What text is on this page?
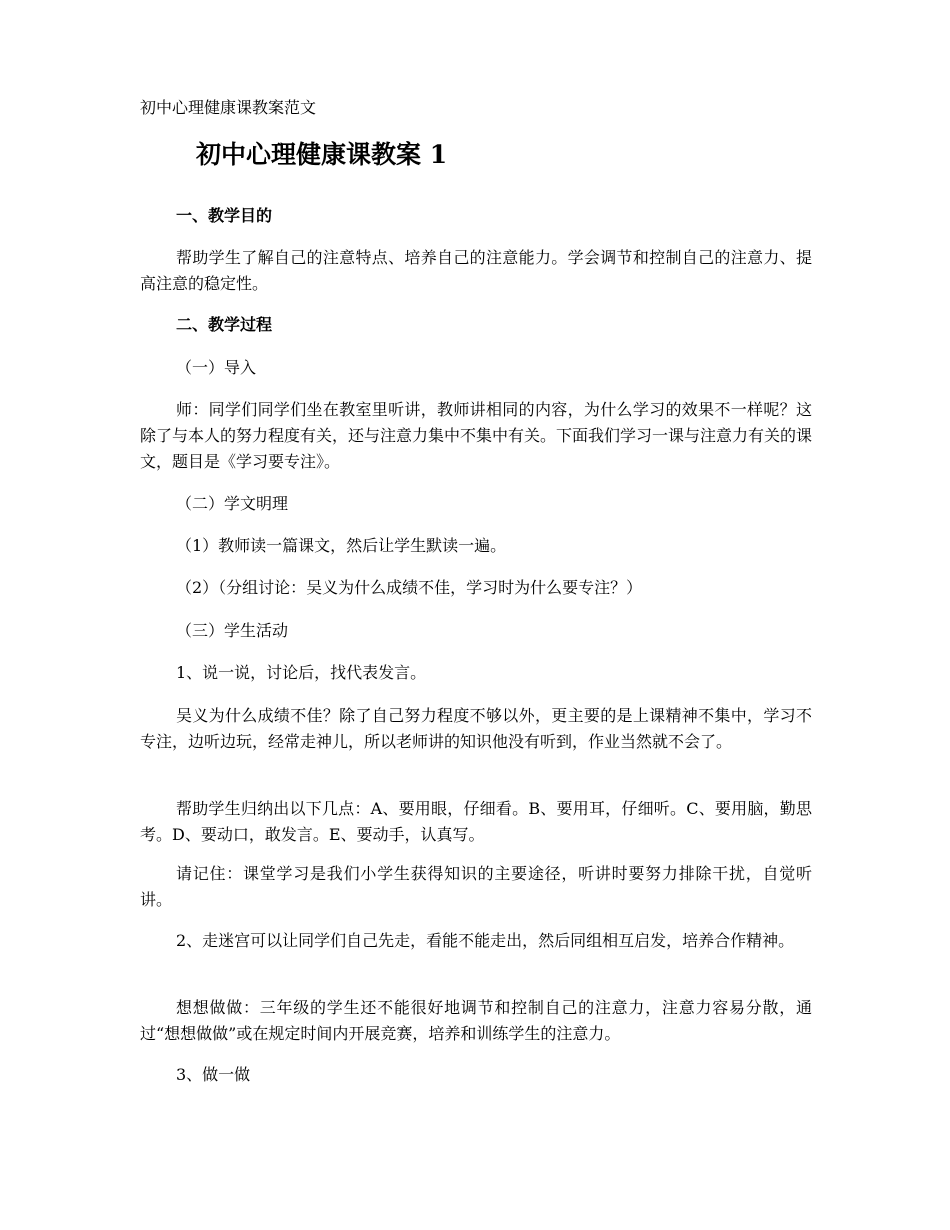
初中心理健康课教案范文
初中心理健康课教案 1
一、教学目的
帮助学生了解自己的注意特点、培养自己的注意能力。学会调节和控制自己的注意力、提高注意的稳定性。
二、教学过程
（一）导入
师：同学们同学们坐在教室里听讲，教师讲相同的内容，为什么学习的效果不一样呢？这除了与本人的努力程度有关，还与注意力集中不集中有关。下面我们学习一课与注意力有关的课文，题目是《学习要专注》。
（二）学文明理
（1）教师读一篇课文，然后让学生默读一遍。
（2）（分组讨论：吴义为什么成绩不佳，学习时为什么要专注？）
（三）学生活动
1、说一说，讨论后，找代表发言。
吴义为什么成绩不佳？除了自己努力程度不够以外，更主要的是上课精神不集中，学习不专注，边听边玩，经常走神儿，所以老师讲的知识他没有听到，作业当然就不会了。
帮助学生归纳出以下几点：A、要用眼，仔细看。B、要用耳，仔细听。C、要用脑，勤思考。D、要动口，敢发言。E、要动手，认真写。
请记住：课堂学习是我们小学生获得知识的主要途径，听讲时要努力排除干扰，自觉听讲。
2、走迷宫可以让同学们自己先走，看能不能走出，然后同组相互启发，培养合作精神。
想想做做：三年级的学生还不能很好地调节和控制自己的注意力，注意力容易分散，通过“想想做做”或在规定时间内开展竞赛，培养和训练学生的注意力。
3、做一做
